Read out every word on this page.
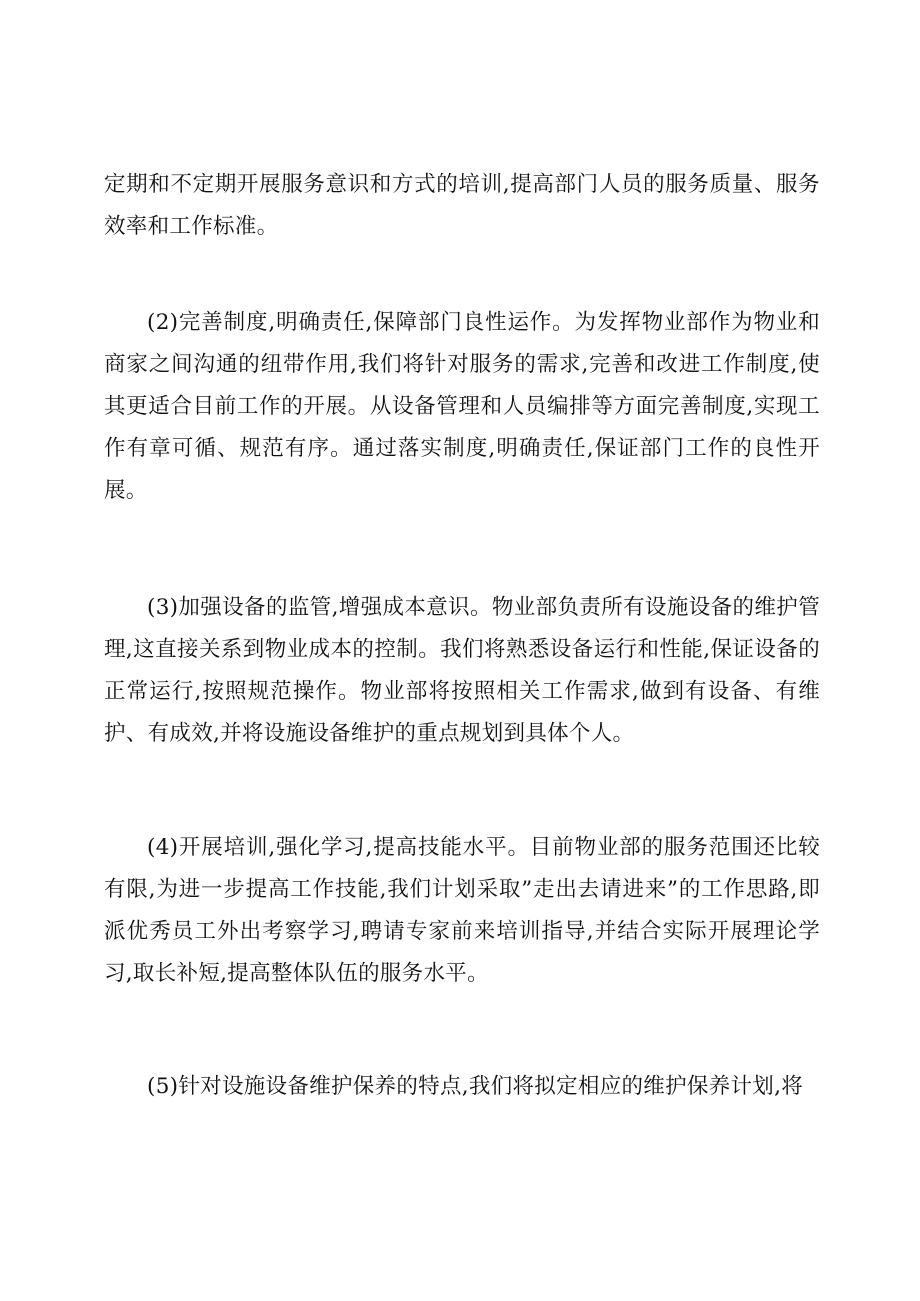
定期和不定期开展服务意识和方式的培训,提高部门人员的服务质量、服务效率和工作标准。

(2)完善制度,明确责任,保障部门良性运作。为发挥物业部作为物业和商家之间沟通的纽带作用,我们将针对服务的需求,完善和改进工作制度,使其更适合目前工作的开展。从设备管理和人员编排等方面完善制度,实现工作有章可循、规范有序。通过落实制度,明确责任,保证部门工作的良性开展。

(3)加强设备的监管,增强成本意识。物业部负责所有设施设备的维护管理,这直接关系到物业成本的控制。我们将熟悉设备运行和性能,保证设备的正常运行,按照规范操作。物业部将按照相关工作需求,做到有设备、有维护、有成效,并将设施设备维护的重点规划到具体个人。

(4)开展培训,强化学习,提高技能水平。目前物业部的服务范围还比较有限,为进一步提高工作技能,我们计划采取”走出去请进来”的工作思路,即派优秀员工外出考察学习,聘请专家前来培训指导,并结合实际开展理论学习,取长补短,提高整体队伍的服务水平。

(5)针对设施设备维护保养的特点,我们将拟定相应的维护保养计划,将
